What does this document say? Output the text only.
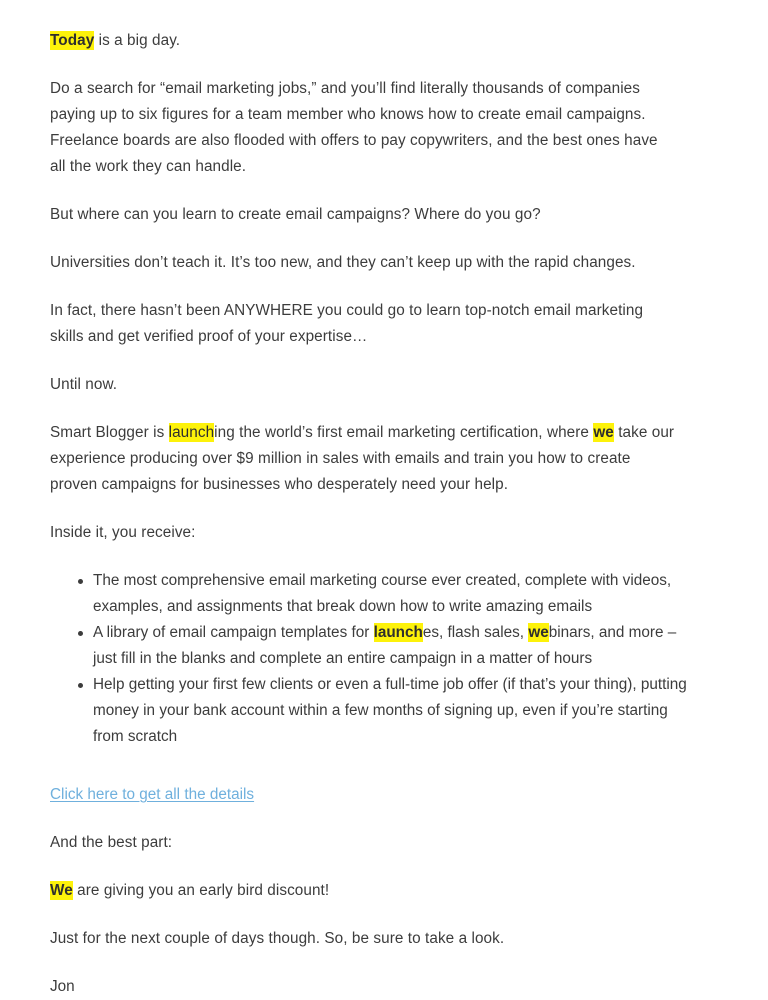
Today is a big day.

Do a search for “email marketing jobs,” and you’ll find literally thousands of companies paying up to six figures for a team member who knows how to create email campaigns. Freelance boards are also flooded with offers to pay copywriters, and the best ones have all the work they can handle.

But where can you learn to create email campaigns? Where do you go?

Universities don’t teach it. It’s too new, and they can’t keep up with the rapid changes.

In fact, there hasn’t been ANYWHERE you could go to learn top-notch email marketing skills and get verified proof of your expertise…

Until now.

Smart Blogger is launching the world’s first email marketing certification, where we take our experience producing over $9 million in sales with emails and train you how to create proven campaigns for businesses who desperately need your help.

Inside it, you receive:

The most comprehensive email marketing course ever created, complete with videos, examples, and assignments that break down how to write amazing emails
A library of email campaign templates for launches, flash sales, webinars, and more – just fill in the blanks and complete an entire campaign in a matter of hours
Help getting your first few clients or even a full-time job offer (if that’s your thing), putting money in your bank account within a few months of signing up, even if you’re starting from scratch

Click here to get all the details

And the best part:

We are giving you an early bird discount!

Just for the next couple of days though. So, be sure to take a look.

Jon
